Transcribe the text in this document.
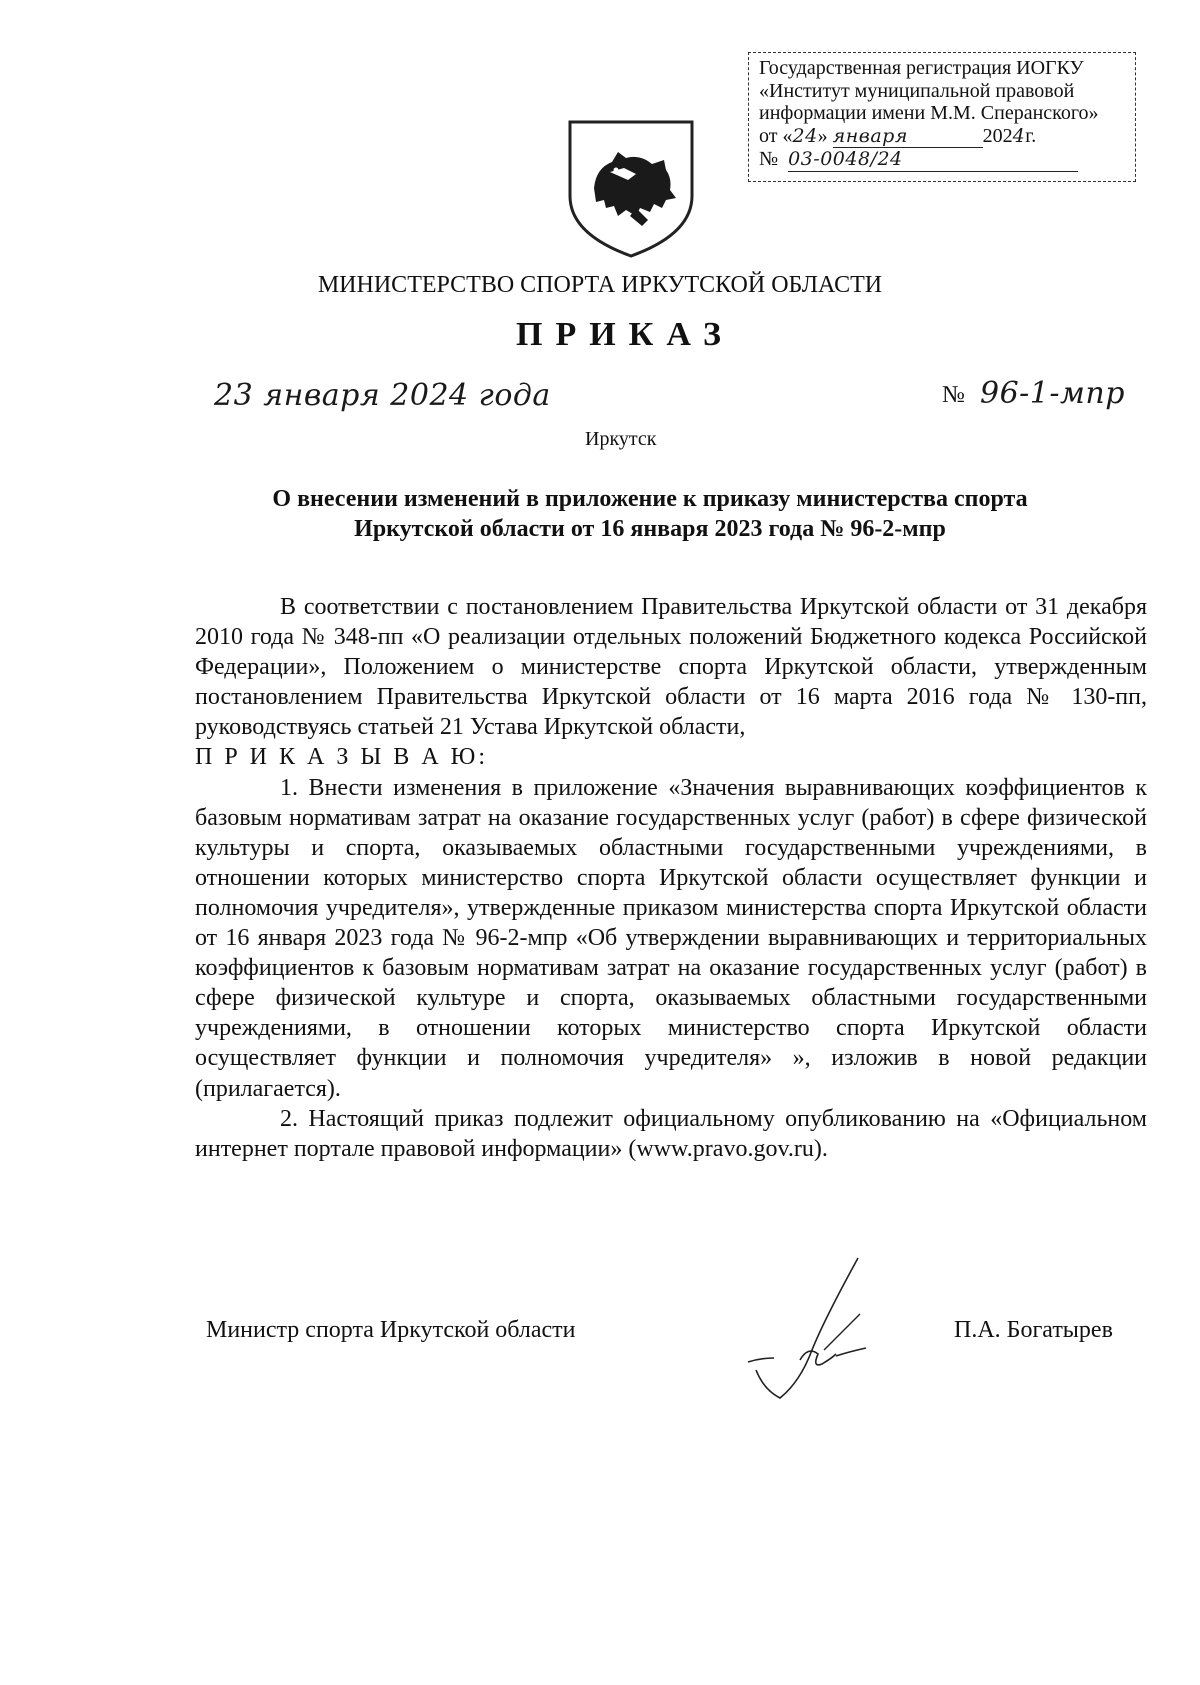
Государственная регистрация ИОГКУ
«Институт муниципальной правовой
информации имени М.М. Сперанского»
от «24» января	2024г.
№ 03-0048/24
МИНИСТЕРСТВО СПОРТА ИРКУТСКОЙ ОБЛАСТИ
ПРИКАЗ
23 января 2024 года	№ 96-1-мпр
Иркутск
О внесении изменений в приложение к приказу министерства спорта
Иркутской области от 16 января 2023 года № 96-2-мпр

В соответствии с постановлением Правительства Иркутской области от 31 декабря 2010 года № 348-пп «О реализации отдельных положений Бюджетного кодекса Российской Федерации», Положением о министерстве спорта Иркутской области, утвержденным постановлением Правительства Иркутской области от 16 марта 2016 года № 130-пп, руководствуясь статьей 21 Устава Иркутской области,

П Р И К А З Ы В А Ю:

1. Внести изменения в приложение «Значения выравнивающих коэффициентов к базовым нормативам затрат на оказание государственных услуг (работ) в сфере физической культуры и спорта, оказываемых областными государственными учреждениями, в отношении которых министерство спорта Иркутской области осуществляет функции и полномочия учредителя», утвержденные приказом министерства спорта Иркутской области от 16 января 2023 года № 96-2-мпр «Об утверждении выравнивающих и территориальных коэффициентов к базовым нормативам затрат на оказание государственных услуг (работ) в сфере физической культуре и спорта, оказываемых областными государственными учреждениями, в отношении которых министерство спорта Иркутской области осуществляет функции и полномочия учредителя» », изложив в новой редакции (прилагается).

2. Настоящий приказ подлежит официальному опубликованию на «Официальном интернет портале правовой информации» (www.pravo.gov.ru).

Министр спорта Иркутской области	П.А. Богатырев
